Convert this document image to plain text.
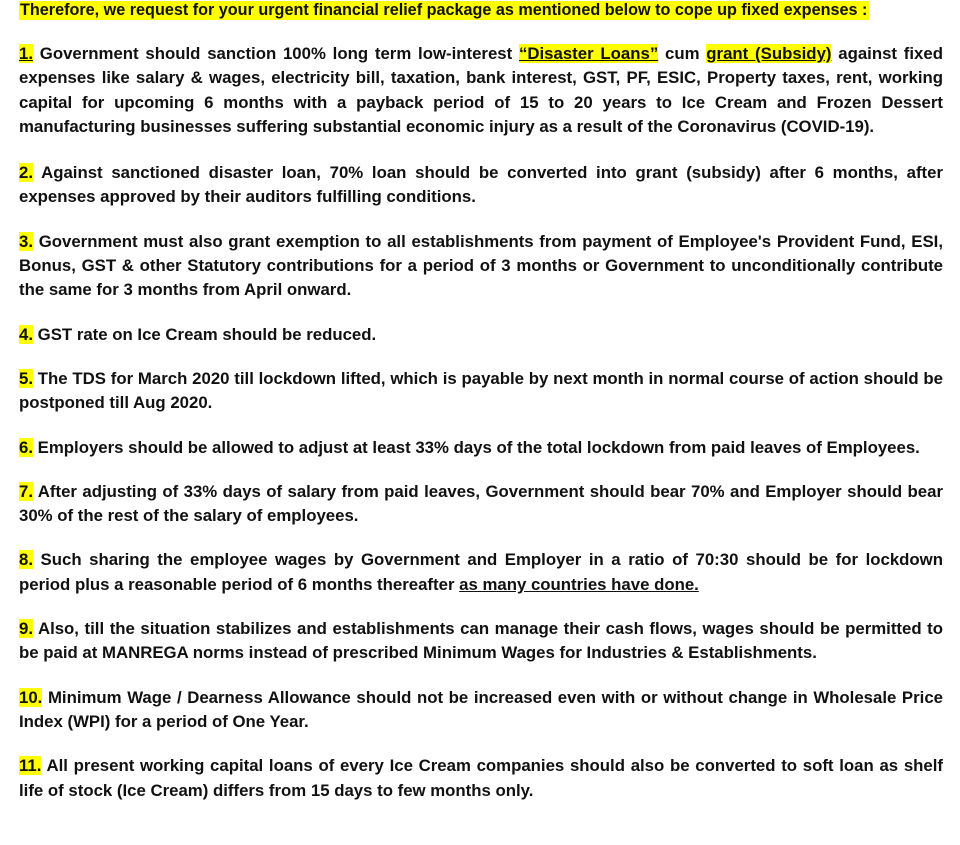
Therefore, we request for your urgent financial relief package as mentioned below to cope up fixed expenses :

1. Government should sanction 100% long term low-interest “Disaster Loans” cum grant (Subsidy) against fixed expenses like salary & wages, electricity bill, taxation, bank interest, GST, PF, ESIC, Property taxes, rent, working capital for upcoming 6 months with a payback period of 15 to 20 years to Ice Cream and Frozen Dessert manufacturing businesses suffering substantial economic injury as a result of the Coronavirus (COVID-19).

2. Against sanctioned disaster loan, 70% loan should be converted into grant (subsidy) after 6 months, after expenses approved by their auditors fulfilling conditions.

3. Government must also grant exemption to all establishments from payment of Employee's Provident Fund, ESI, Bonus, GST & other Statutory contributions for a period of 3 months or Government to unconditionally contribute the same for 3 months from April onward.

4. GST rate on Ice Cream should be reduced.

5. The TDS for March 2020 till lockdown lifted, which is payable by next month in normal course of action should be postponed till Aug 2020.

6. Employers should be allowed to adjust at least 33% days of the total lockdown from paid leaves of Employees.

7. After adjusting of 33% days of salary from paid leaves, Government should bear 70% and Employer should bear 30% of the rest of the salary of employees.

8. Such sharing the employee wages by Government and Employer in a ratio of 70:30 should be for lockdown period plus a reasonable period of 6 months thereafter as many countries have done.

9. Also, till the situation stabilizes and establishments can manage their cash flows, wages should be permitted to be paid at MANREGA norms instead of prescribed Minimum Wages for Industries & Establishments.

10. Minimum Wage / Dearness Allowance should not be increased even with or without change in Wholesale Price Index (WPI) for a period of One Year.

11. All present working capital loans of every Ice Cream companies should also be converted to soft loan as shelf life of stock (Ice Cream) differs from 15 days to few months only.
